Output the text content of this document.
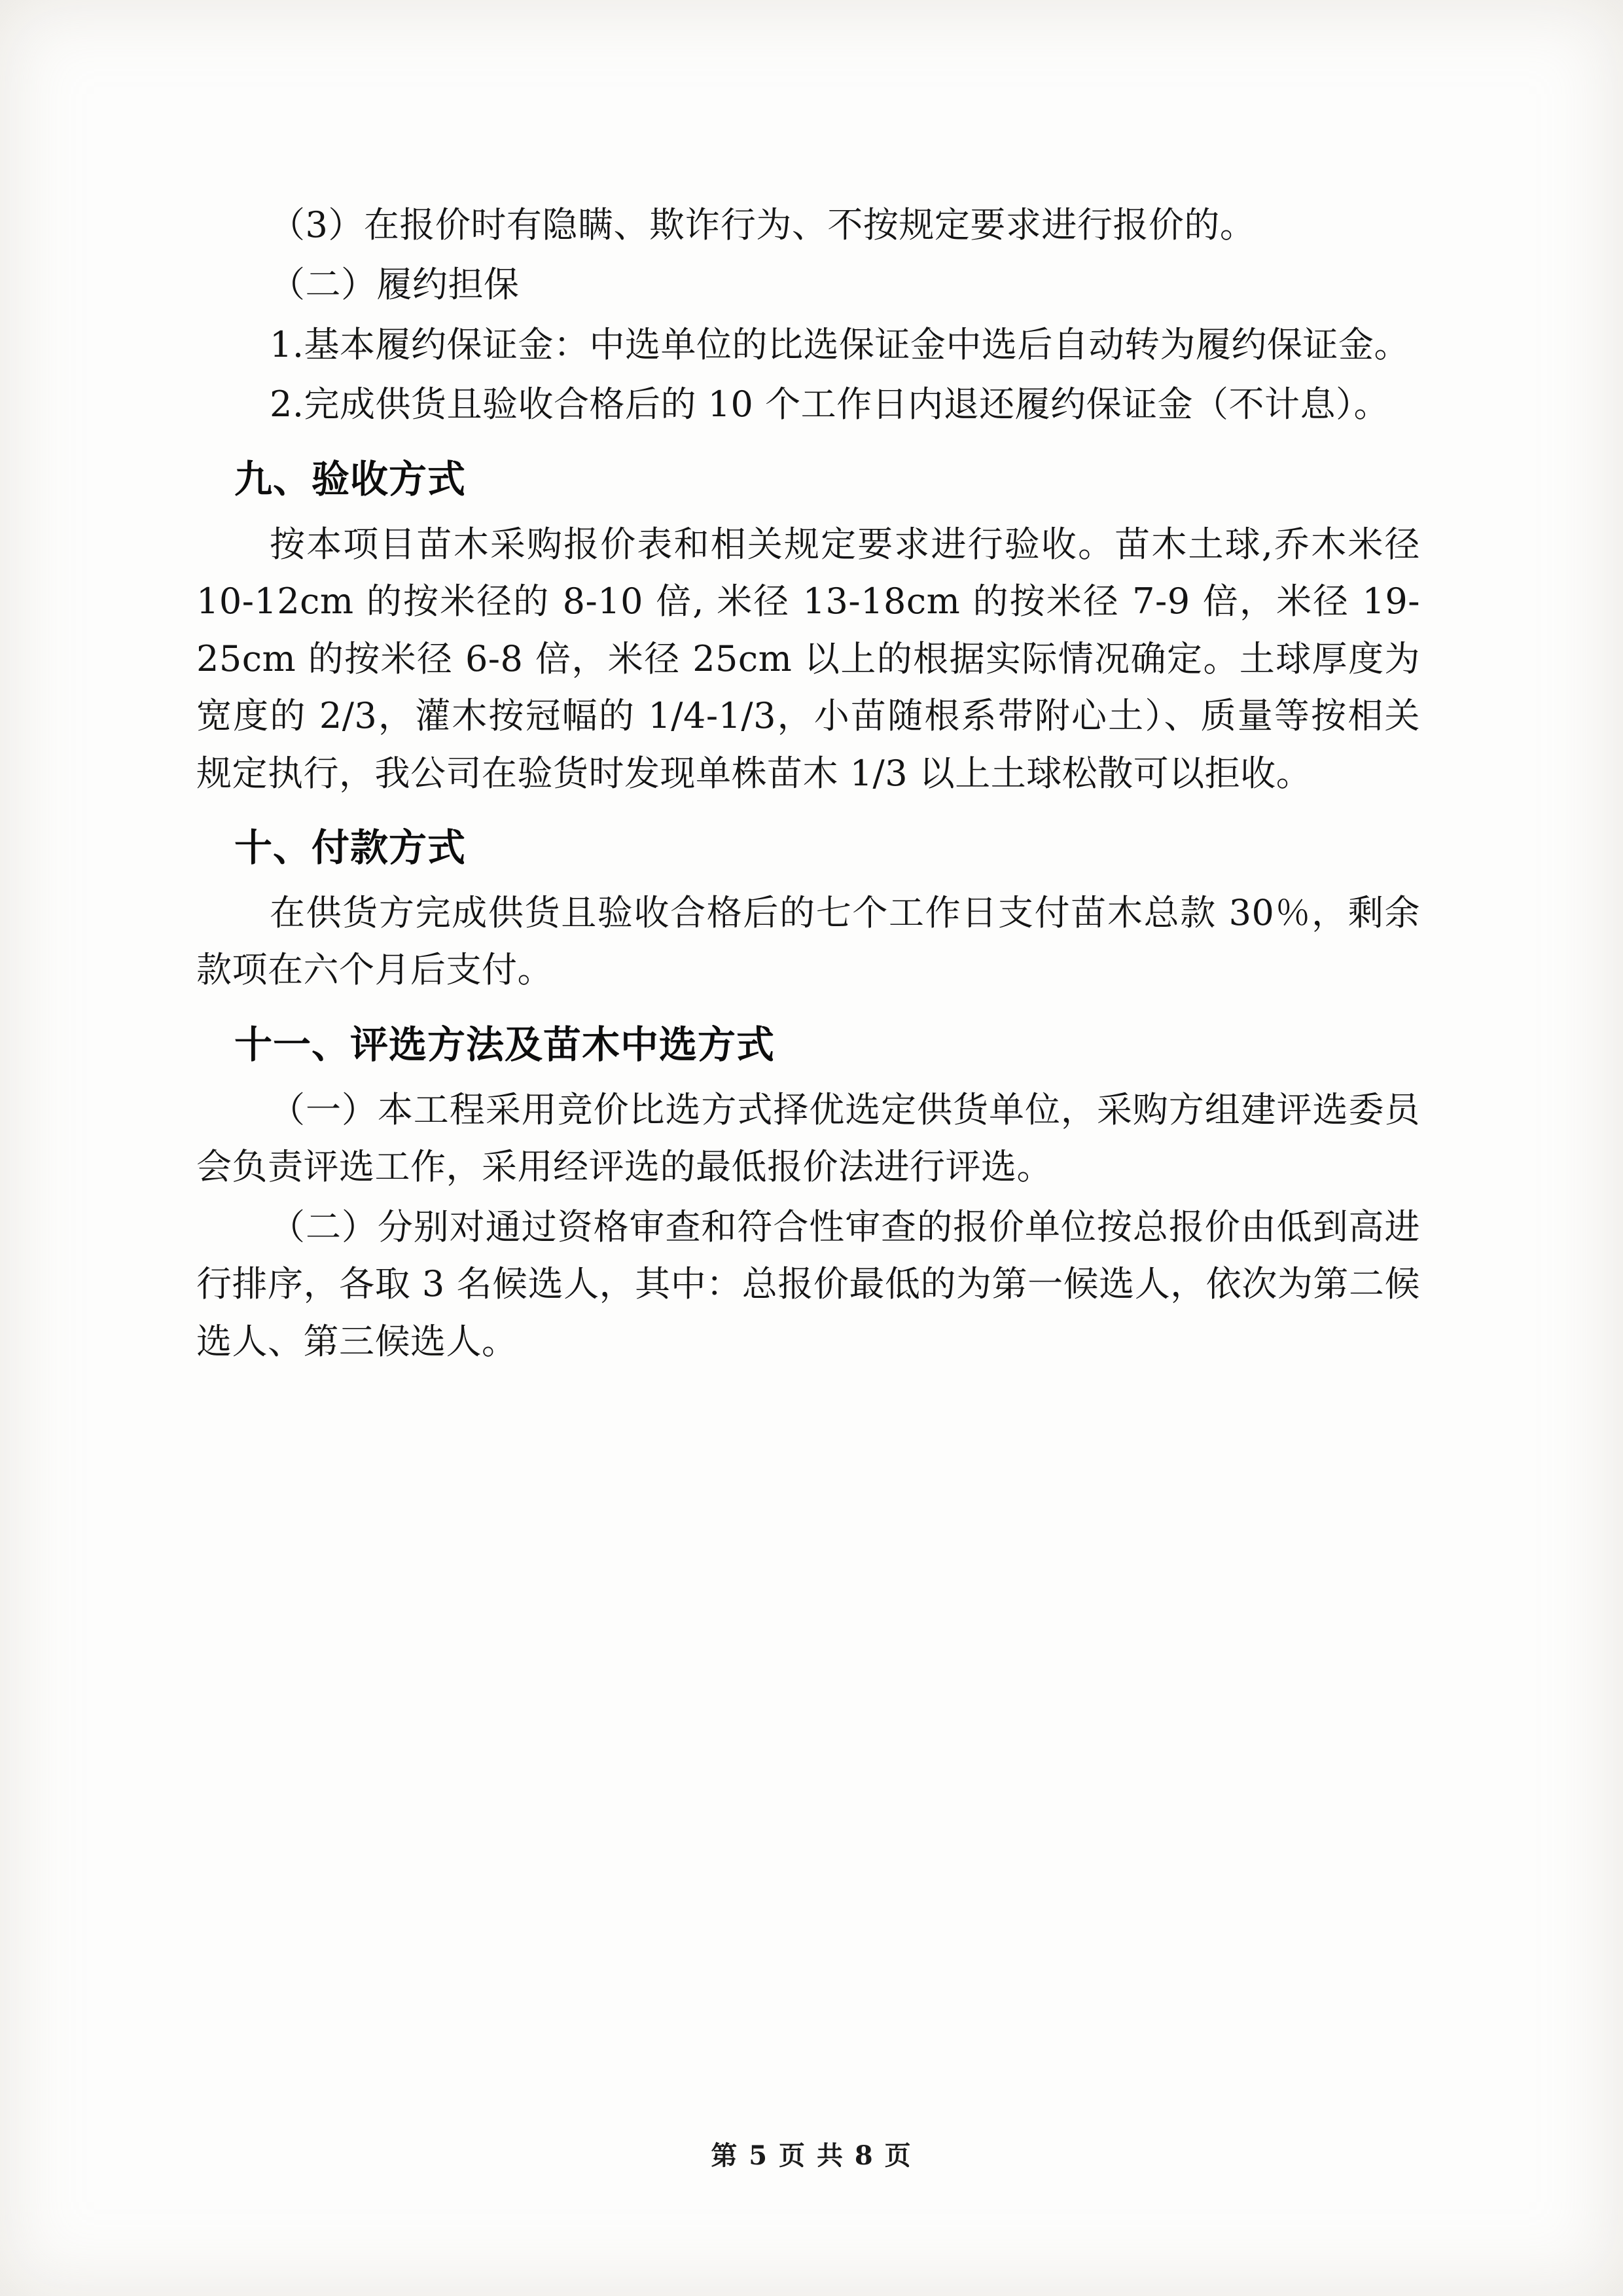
（3）在报价时有隐瞒、欺诈行为、不按规定要求进行报价的。

（二）履约担保

1.基本履约保证金：中选单位的比选保证金中选后自动转为履约保证金。

2.完成供货且验收合格后的 10 个工作日内退还履约保证金（不计息）。

九、验收方式

按本项目苗木采购报价表和相关规定要求进行验收。苗木土球,乔木米径 10-12cm 的按米径的 8-10 倍, 米径 13-18cm 的按米径 7-9 倍，米径 19-25cm 的按米径 6-8 倍，米径 25cm 以上的根据实际情况确定。土球厚度为宽度的 2/3，灌木按冠幅的 1/4-1/3，小苗随根系带附心土）、质量等按相关规定执行，我公司在验货时发现单株苗木 1/3 以上土球松散可以拒收。

十、付款方式

在供货方完成供货且验收合格后的七个工作日支付苗木总款 30％，剩余款项在六个月后支付。

十一、评选方法及苗木中选方式

（一）本工程采用竞价比选方式择优选定供货单位，采购方组建评选委员会负责评选工作，采用经评选的最低报价法进行评选。

（二）分别对通过资格审查和符合性审查的报价单位按总报价由低到高进行排序，各取 3 名候选人，其中：总报价最低的为第一候选人，依次为第二候选人、第三候选人。

第 5 页 共 8 页
